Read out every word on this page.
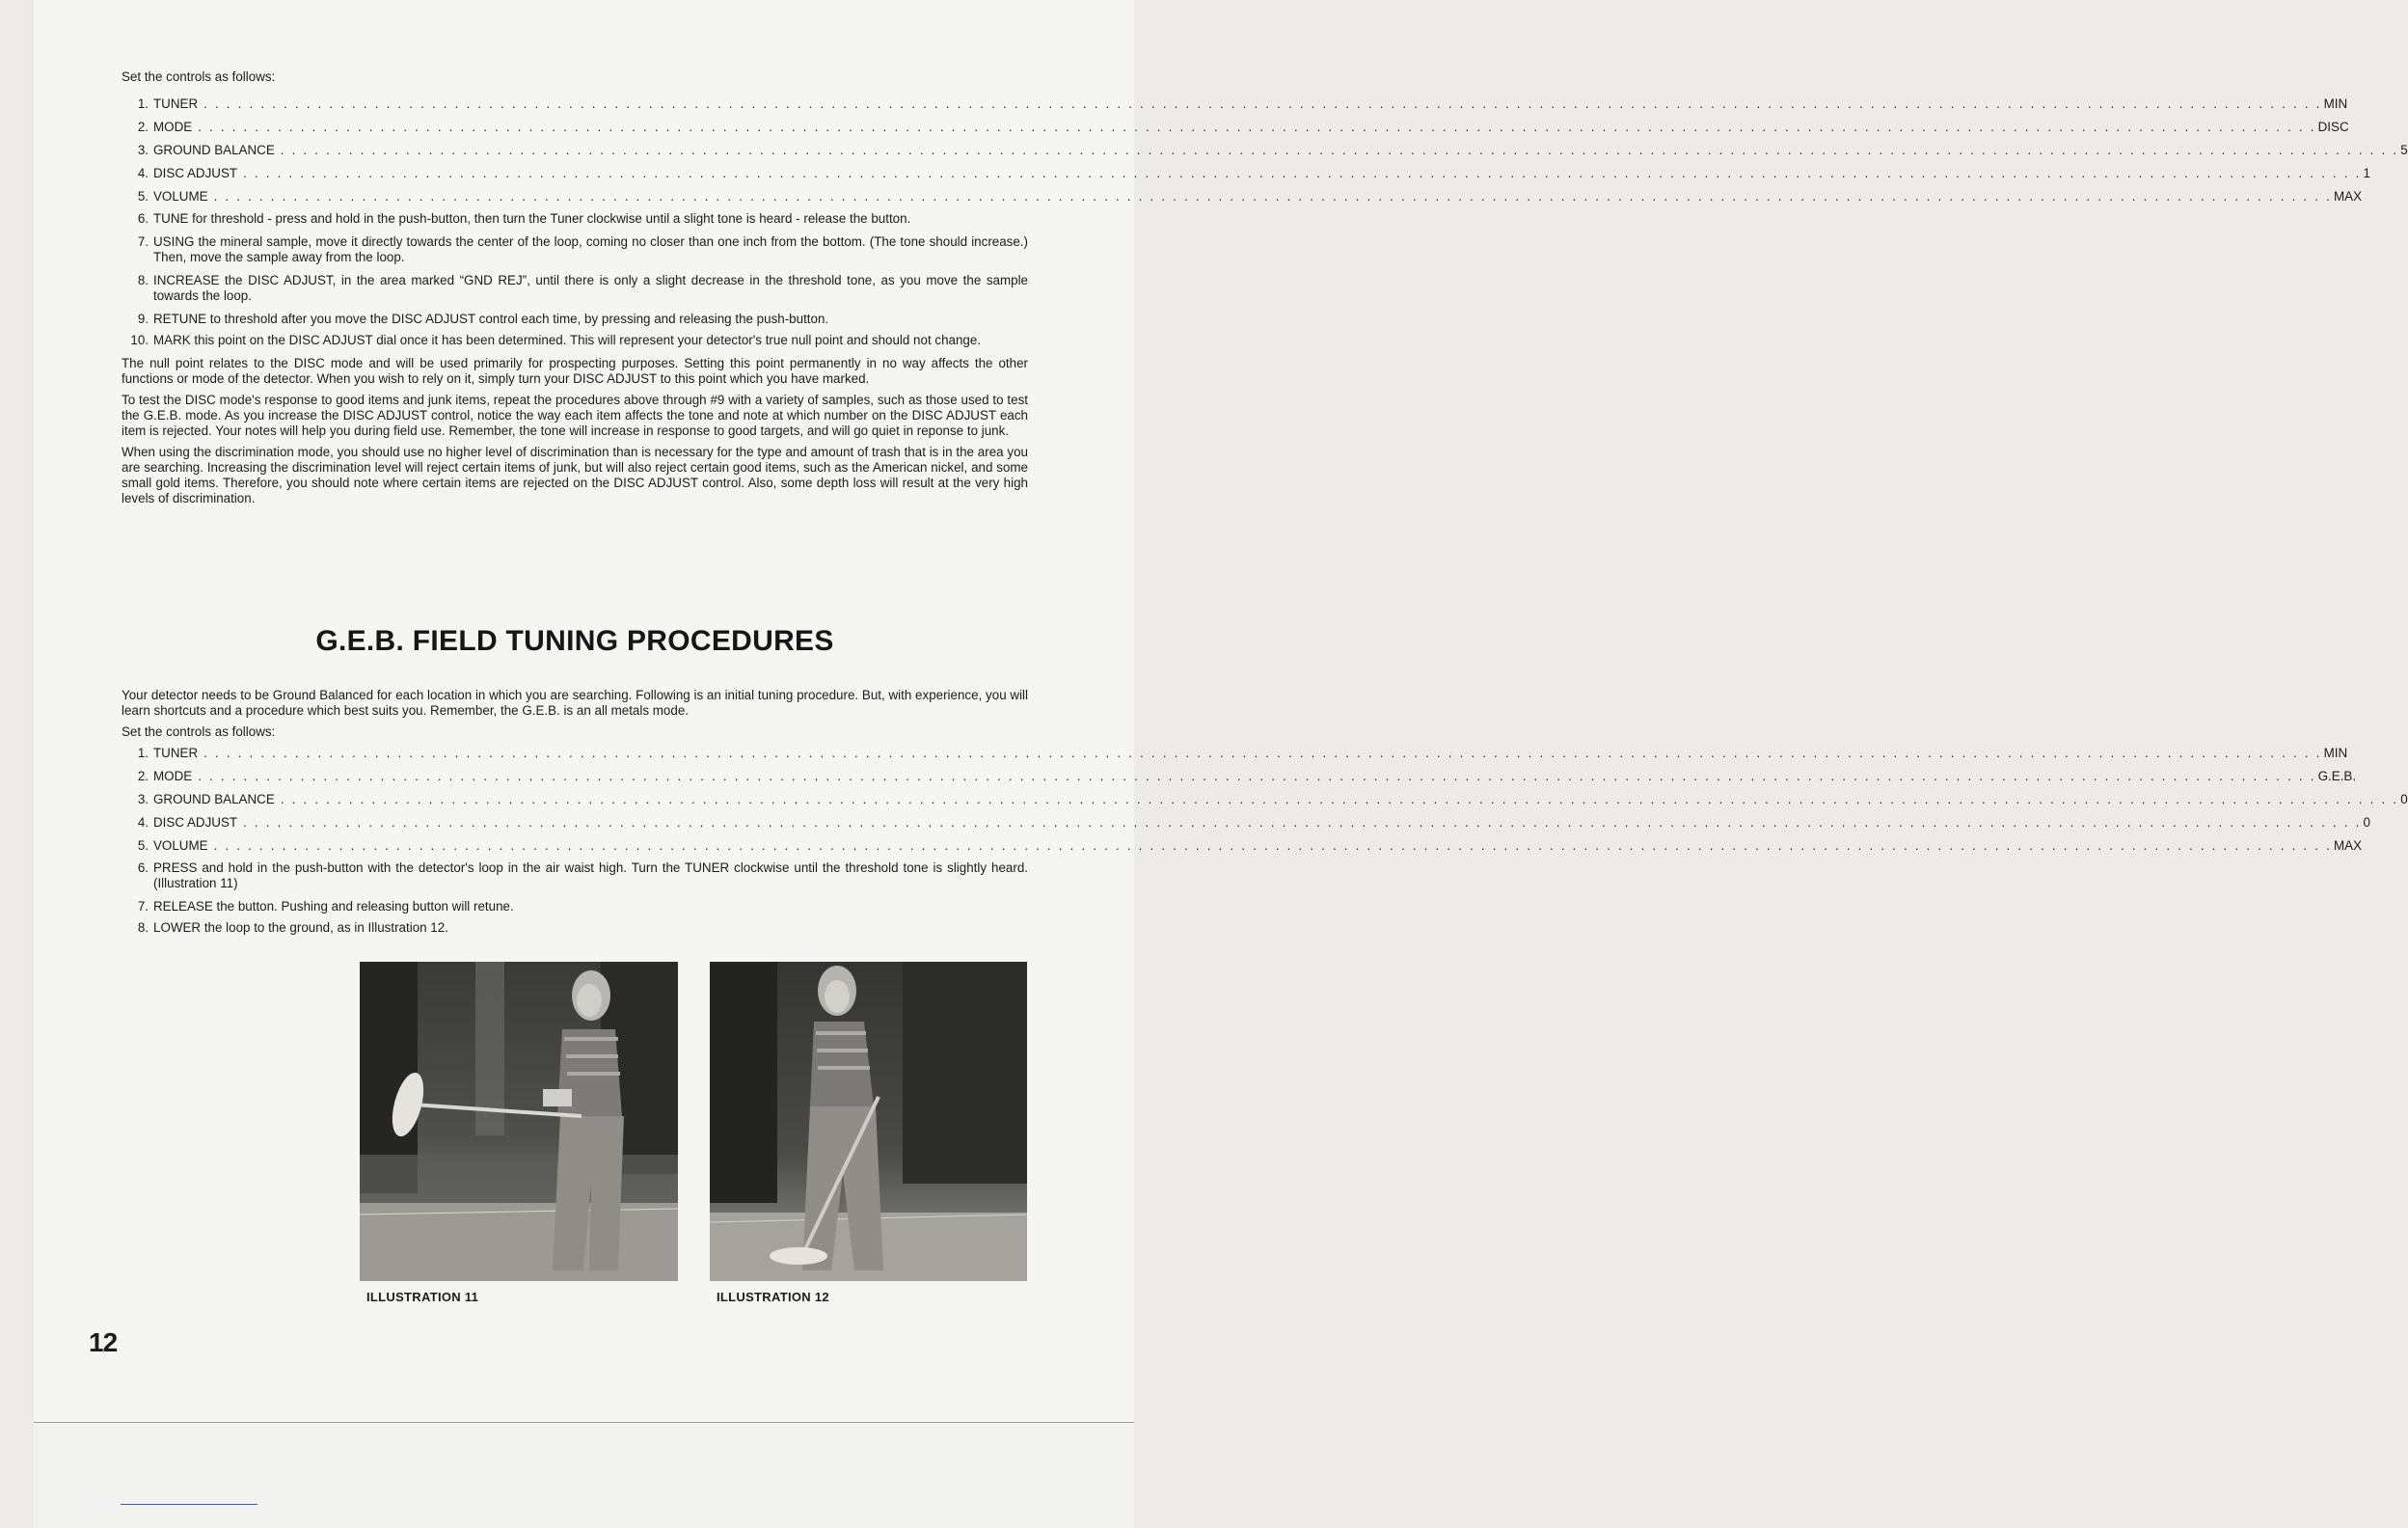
Set the controls as follows:

1. TUNER . . . . . . . . . . . . . . . . . . . . . . . . . . . . . . . . . . . . . . . . . . . . . . . . . . . . . . . . . . . . . . . . . . . . . . . . . . . . . . . . . . . . . . . . . . . . . . . . . . . . . . . . . . . . . . . . . . . . . . . . . . . . . . . . . . . . . . . . . . . . . . . . . . . . . . . . . . . . . . . . . . . . . . . . . . . . . . . . . . . . . . . . . . MIN
2. MODE . . . . . . . . . . . . . . . . . . . . . . . . . . . . . . . . . . . . . . . . . . . . . . . . . . . . . . . . . . . . . . . . . . . . . . . . . . . . . . . . . . . . . . . . . . . . . . . . . . . . . . . . . . . . . . . . . . . . . . . . . . . . . . . . . . . . . . . . . . . . . . . . . . . . . . . . . . . . . . . . . . . . . . . . . . . . . . . . . . . . . . . . . . DISC
3. GROUND BALANCE . . . . . . . . . . . . . . . . . . . . . . . . . . . . . . . . . . . . . . . . . . . . . . . . . . . . . . . . . . . . . . . . . . . . . . . . . . . . . . . . . . . . . . . . . . . . . . . . . . . . . . . . . . . . . . . . . . . . . . . . . . . . . . . . . . . . . . . . . . . . . . . . . . . . . . . . . . . . . . . . . . . . . . . . . . . . . . . . . . . . . . . . . . 5
4. DISC ADJUST . . . . . . . . . . . . . . . . . . . . . . . . . . . . . . . . . . . . . . . . . . . . . . . . . . . . . . . . . . . . . . . . . . . . . . . . . . . . . . . . . . . . . . . . . . . . . . . . . . . . . . . . . . . . . . . . . . . . . . . . . . . . . . . . . . . . . . . . . . . . . . . . . . . . . . . . . . . . . . . . . . . . . . . . . . . . . . . . . . . . . . . . . . 1
5. VOLUME . . . . . . . . . . . . . . . . . . . . . . . . . . . . . . . . . . . . . . . . . . . . . . . . . . . . . . . . . . . . . . . . . . . . . . . . . . . . . . . . . . . . . . . . . . . . . . . . . . . . . . . . . . . . . . . . . . . . . . . . . . . . . . . . . . . . . . . . . . . . . . . . . . . . . . . . . . . . . . . . . . . . . . . . . . . . . . . . . . . . . . . . . . MAX
6. TUNE for threshold - press and hold in the push-button, then turn the Tuner clockwise until a slight tone is heard - release the button.
7. USING the mineral sample, move it directly towards the center of the loop, coming no closer than one inch from the bottom. (The tone should increase.) Then, move the sample away from the loop.
8. INCREASE the DISC ADJUST, in the area marked “GND REJ”, until there is only a slight decrease in the threshold tone, as you move the sample towards the loop.
9. RETUNE to threshold after you move the DISC ADJUST control each time, by pressing and releasing the push-button.
10. MARK this point on the DISC ADJUST dial once it has been determined. This will represent your detector's true null point and should not change.

The null point relates to the DISC mode and will be used primarily for prospecting purposes. Setting this point permanently in no way affects the other functions or mode of the detector. When you wish to rely on it, simply turn your DISC ADJUST to this point which you have marked.

To test the DISC mode's response to good items and junk items, repeat the procedures above through #9 with a variety of samples, such as those used to test the G.E.B. mode. As you increase the DISC ADJUST control, notice the way each item affects the tone and note at which number on the DISC ADJUST each item is rejected. Your notes will help you during field use. Remember, the tone will increase in response to good targets, and will go quiet in reponse to junk.

When using the discrimination mode, you should use no higher level of discrimination than is necessary for the type and amount of trash that is in the area you are searching. Increasing the discrimination level will reject certain items of junk, but will also reject certain good items, such as the American nickel, and some small gold items. Therefore, you should note where certain items are rejected on the DISC ADJUST control. Also, some depth loss will result at the very high levels of discrimination.

G.E.B. FIELD TUNING PROCEDURES

Your detector needs to be Ground Balanced for each location in which you are searching. Following is an initial tuning procedure. But, with experience, you will learn shortcuts and a procedure which best suits you. Remember, the G.E.B. is an all metals mode.

Set the controls as follows:

1. TUNER . . . . . . . . . . . . . . . . . . . . . . . . . . . . . . . . . . . . . . . . . . . . . . . . . . . . . . . . . . . . . . . . . . . . . . . . . . . . . . . . . . . . . . . . . . . . . . . . . . . . . . . . . . . . . . . . . . . . . . . . . . . . . . . . . . . . . . . . . . . . . . . . . . . . . . . . . . . . . . . . . . . . . . . . . . . . . . . . . . . . . . . . . . MIN
2. MODE . . . . . . . . . . . . . . . . . . . . . . . . . . . . . . . . . . . . . . . . . . . . . . . . . . . . . . . . . . . . . . . . . . . . . . . . . . . . . . . . . . . . . . . . . . . . . . . . . . . . . . . . . . . . . . . . . . . . . . . . . . . . . . . . . . . . . . . . . . . . . . . . . . . . . . . . . . . . . . . . . . . . . . . . . . . . . . . . . . . . . . . . . . G.E.B.
3. GROUND BALANCE . . . . . . . . . . . . . . . . . . . . . . . . . . . . . . . . . . . . . . . . . . . . . . . . . . . . . . . . . . . . . . . . . . . . . . . . . . . . . . . . . . . . . . . . . . . . . . . . . . . . . . . . . . . . . . . . . . . . . . . . . . . . . . . . . . . . . . . . . . . . . . . . . . . . . . . . . . . . . . . . . . . . . . . . . . . . . . . . . . . . . . . . . . 0
4. DISC ADJUST . . . . . . . . . . . . . . . . . . . . . . . . . . . . . . . . . . . . . . . . . . . . . . . . . . . . . . . . . . . . . . . . . . . . . . . . . . . . . . . . . . . . . . . . . . . . . . . . . . . . . . . . . . . . . . . . . . . . . . . . . . . . . . . . . . . . . . . . . . . . . . . . . . . . . . . . . . . . . . . . . . . . . . . . . . . . . . . . . . . . . . . . . . 0
5. VOLUME . . . . . . . . . . . . . . . . . . . . . . . . . . . . . . . . . . . . . . . . . . . . . . . . . . . . . . . . . . . . . . . . . . . . . . . . . . . . . . . . . . . . . . . . . . . . . . . . . . . . . . . . . . . . . . . . . . . . . . . . . . . . . . . . . . . . . . . . . . . . . . . . . . . . . . . . . . . . . . . . . . . . . . . . . . . . . . . . . . . . . . . . . . MAX
6. PRESS and hold in the push-button with the detector's loop in the air waist high. Turn the TUNER clockwise until the threshold tone is slightly heard. (Illustration 11)
7. RELEASE the button. Pushing and releasing button will retune.
8. LOWER the loop to the ground, as in Illustration 12.
ILLUSTRATION 11	ILLUSTRATION 12
12
